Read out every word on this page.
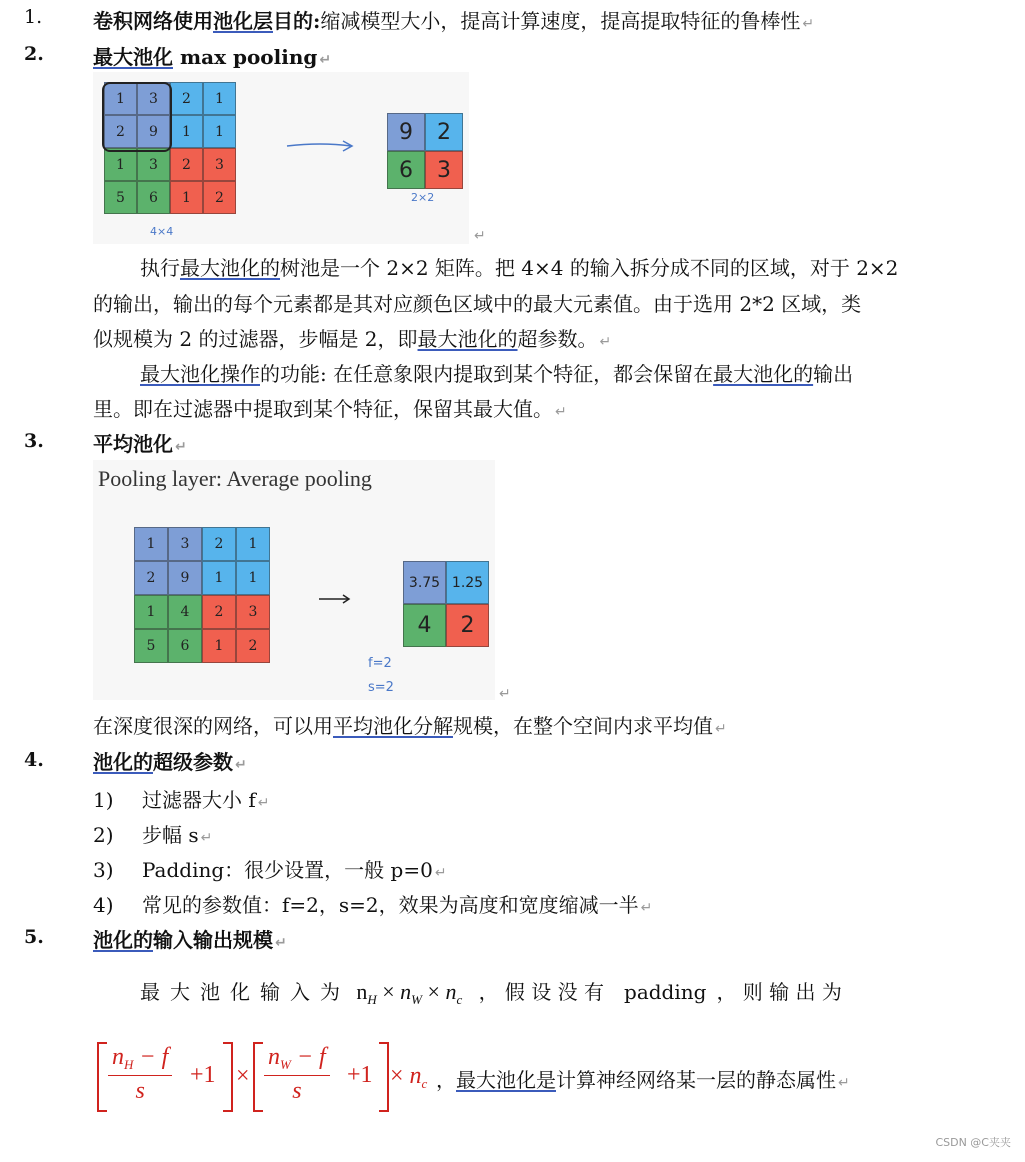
1.	卷积网络使用池化层目的:缩减模型大小，提高计算速度，提高提取特征的鲁棒性 ↵
2. 最大池化 max pooling ↵
1	3	2	1
2	9	1	1
1	3	2	3
5	6	1	2
9	2
6	3
4×4
2×2
↵
执行最大池化的树池是一个 2×2 矩阵。把 4×4 的输入拆分成不同的区域，对于 2×2
的输出，输出的每个元素都是其对应颜色区域中的最大元素值。由于选用 2*2 区域，类
似规模为 2 的过滤器，步幅是 2，即最大池化的超参数。 ↵
最大池化操作的功能: 在任意象限内提取到某个特征，都会保留在最大池化的输出
里。即在过滤器中提取到某个特征，保留其最大值。 ↵
3. 平均池化 ↵
Pooling layer: Average pooling
1	3	2	1
2	9	1	1
1	4	2	3
5	6	1	2
3.75 1.25
4	2
f=2
s=2	↵
在深度很深的网络，可以用平均池化分解规模，在整个空间内求平均值 ↵
4. 池化的超级参数 ↵
1) 过滤器大小 f ↵
2) 步幅 s ↵
3) Padding：很少设置，一般 p=0 ↵
4) 常见的参数值：f=2，s=2，效果为高度和宽度缩减一半 ↵
5. 池化的输入输出规模 ↵
最  大  池  化  输  入  为  $n_H \times n_W \times n_c$   ， 假 设 没 有   padding  ， 则 输 出 为
$\frac{n_H - f}{s} +1 \times \frac{n_W - f}{s} +1 \times n_c$ ，最大池化是计算神经网络某一层的静态属性 ↵
CSDN @C夹夹
